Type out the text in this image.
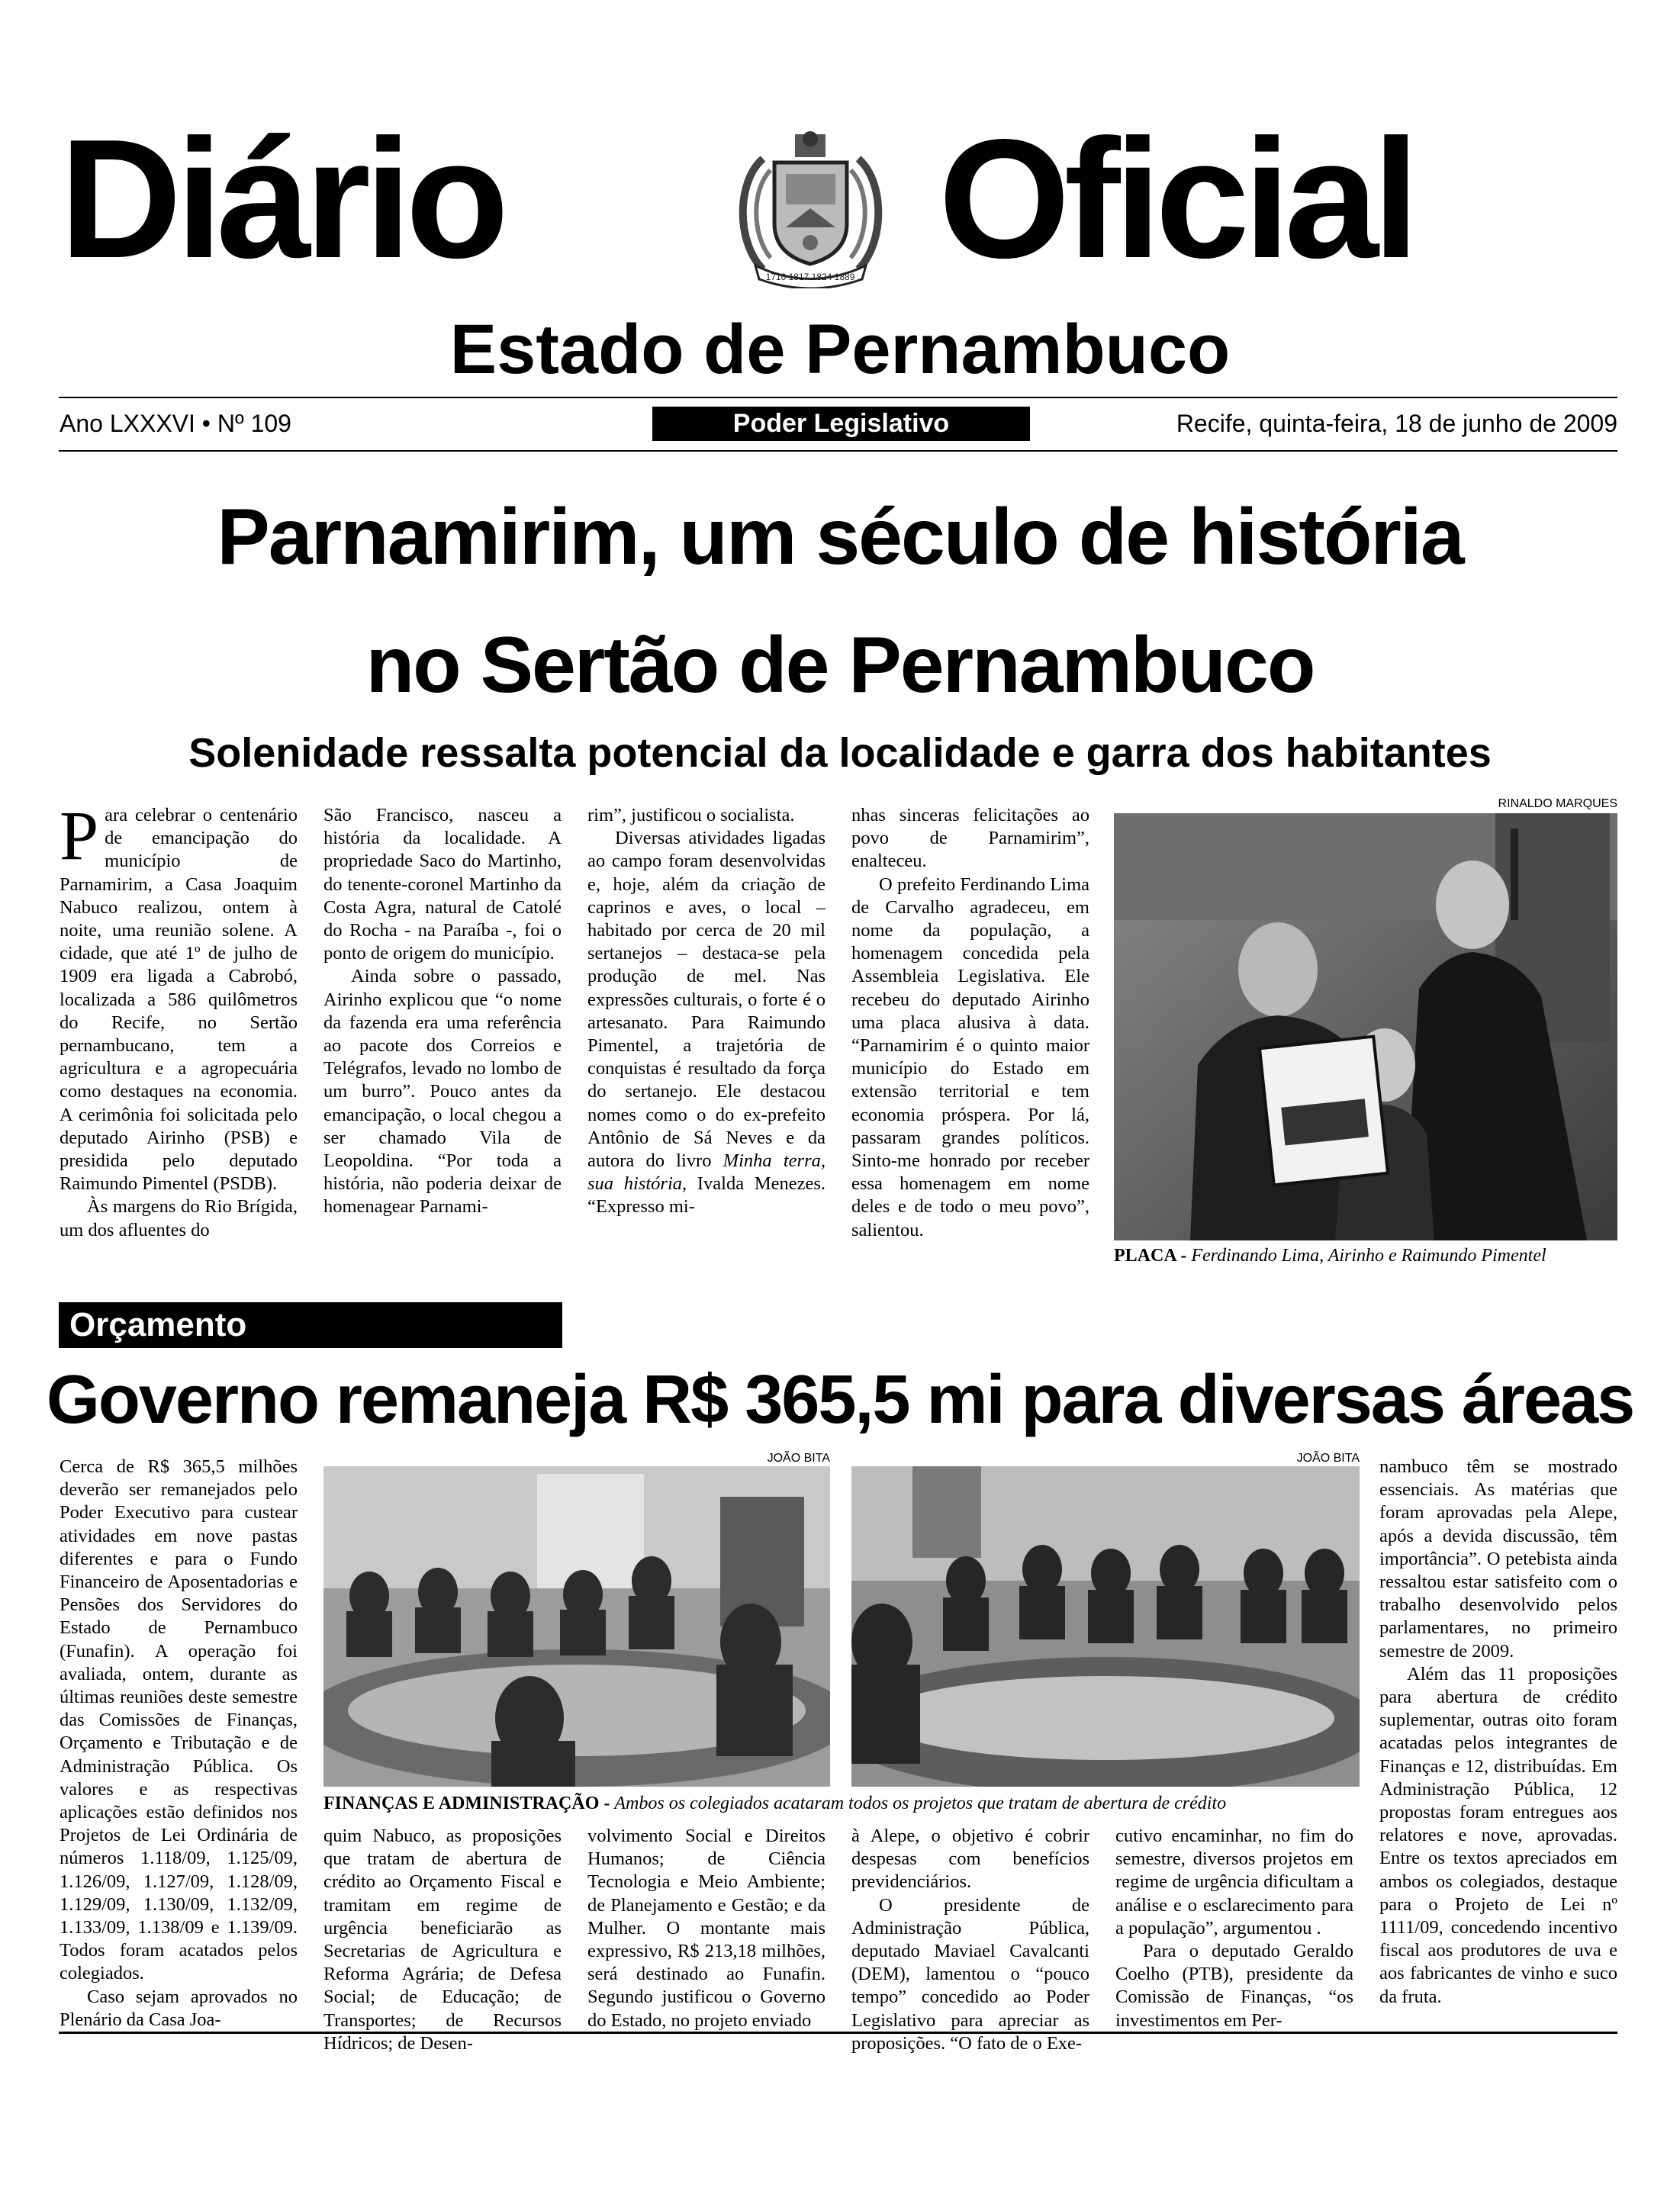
Diário	1710 1817 1824 1889 Oficial
Estado de Pernambuco
Ano LXXXVI • Nº 109	Poder Legislativo	Recife, quinta-feira, 18 de junho de 2009
Parnamirim, um século de história
no Sertão de Pernambuco
Solenidade ressalta potencial da localidade e garra dos habitantes

Para celebrar o centenário de emancipação do município de Parnamirim, a Casa Joaquim Nabuco realizou, ontem à noite, uma reunião solene. A cidade, que até 1º de julho de 1909 era ligada a Cabrobó, localizada a 586 quilômetros do Recife, no Sertão pernambucano, tem a agricultura e a agropecuária como destaques na economia. A cerimônia foi solicitada pelo deputado Airinho (PSB) e presidida pelo deputado Raimundo Pimentel (PSDB).

Às margens do Rio Brígida, um dos afluentes do

São Francisco, nasceu a história da localidade. A propriedade Saco do Martinho, do tenente-coronel Martinho da Costa Agra, natural de Catolé do Rocha - na Paraíba -, foi o ponto de origem do município.

Ainda sobre o passado, Airinho explicou que “o nome da fazenda era uma referência ao pacote dos Correios e Telégrafos, levado no lombo de um burro”. Pouco antes da emancipação, o local chegou a ser chamado Vila de Leopoldina. “Por toda a história, não poderia deixar de homenagear Parnami-

rim”, justificou o socialista.

Diversas atividades ligadas ao campo foram desenvolvidas e, hoje, além da criação de caprinos e aves, o local – habitado por cerca de 20 mil sertanejos – destaca-se pela produção de mel. Nas expressões culturais, o forte é o artesanato. Para Raimundo Pimentel, a trajetória de conquistas é resultado da força do sertanejo. Ele destacou nomes como o do ex-prefeito Antônio de Sá Neves e da autora do livro Minha terra, sua história, Ivalda Menezes. “Expresso mi-

nhas sinceras felicitações ao povo de Parnamirim”, enalteceu.

O prefeito Ferdinando Lima de Carvalho agradeceu, em nome da população, a homenagem concedida pela Assembleia Legislativa. Ele recebeu do deputado Airinho uma placa alusiva à data. “Parnamirim é o quinto maior município do Estado em extensão territorial e tem economia próspera. Por lá, passaram grandes políticos. Sinto-me honrado por receber essa homenagem em nome deles e de todo o meu povo”, salientou.

RINALDO MARQUES
PLACA - Ferdinando Lima, Airinho e Raimundo Pimentel
Orçamento
Governo remaneja R$ 365,5 mi para diversas áreas

Cerca de R$ 365,5 milhões deverão ser remanejados pelo Poder Executivo para custear atividades em nove pastas diferentes e para o Fundo Financeiro de Aposentadorias e Pensões dos Servidores do Estado de Pernambuco (Funafin). A operação foi avaliada, ontem, durante as últimas reuniões deste semestre das Comissões de Finanças, Orçamento e Tributação e de Administração Pública. Os valores e as respectivas aplicações estão definidos nos Projetos de Lei Ordinária de números 1.118/09, 1.125/09, 1.126/09, 1.127/09, 1.128/09, 1.129/09, 1.130/09, 1.132/09, 1.133/09, 1.138/09 e 1.139/09. Todos foram acatados pelos colegiados.

Caso sejam aprovados no Plenário da Casa Joa-

JOÃO BITA	JOÃO BITA
FINANÇAS E ADMINISTRAÇÃO - Ambos os colegiados acataram todos os projetos que tratam de abertura de crédito

quim Nabuco, as proposições que tratam de abertura de crédito ao Orçamento Fiscal e tramitam em regime de urgência beneficiarão as Secretarias de Agricultura e Reforma Agrária; de Defesa Social; de Educação; de Transportes; de Recursos Hídricos; de Desen-

volvimento Social e Direitos Humanos; de Ciência Tecnologia e Meio Ambiente; de Planejamento e Gestão; e da Mulher. O montante mais expressivo, R$ 213,18 milhões, será destinado ao Funafin. Segundo justificou o Governo do Estado, no projeto enviado

à Alepe, o objetivo é cobrir despesas com benefícios previdenciários.

O presidente de Administração Pública, deputado Maviael Cavalcanti (DEM), lamentou o “pouco tempo” concedido ao Poder Legislativo para apreciar as proposições. “O fato de o Exe-

cutivo encaminhar, no fim do semestre, diversos projetos em regime de urgência dificultam a análise e o esclarecimento para a população”, argumentou .

Para o deputado Geraldo Coelho (PTB), presidente da Comissão de Finanças, “os investimentos em Per-

nambuco têm se mostrado essenciais. As matérias que foram aprovadas pela Alepe, após a devida discussão, têm importância”. O petebista ainda ressaltou estar satisfeito com o trabalho desenvolvido pelos parlamentares, no primeiro semestre de 2009.

Além das 11 proposições para abertura de crédito suplementar, outras oito foram acatadas pelos integrantes de Finanças e 12, distribuídas. Em Administração Pública, 12 propostas foram entregues aos relatores e nove, aprovadas. Entre os textos apreciados em ambos os colegiados, destaque para o Projeto de Lei nº 1111/09, concedendo incentivo fiscal aos produtores de uva e aos fabricantes de vinho e suco da fruta.
